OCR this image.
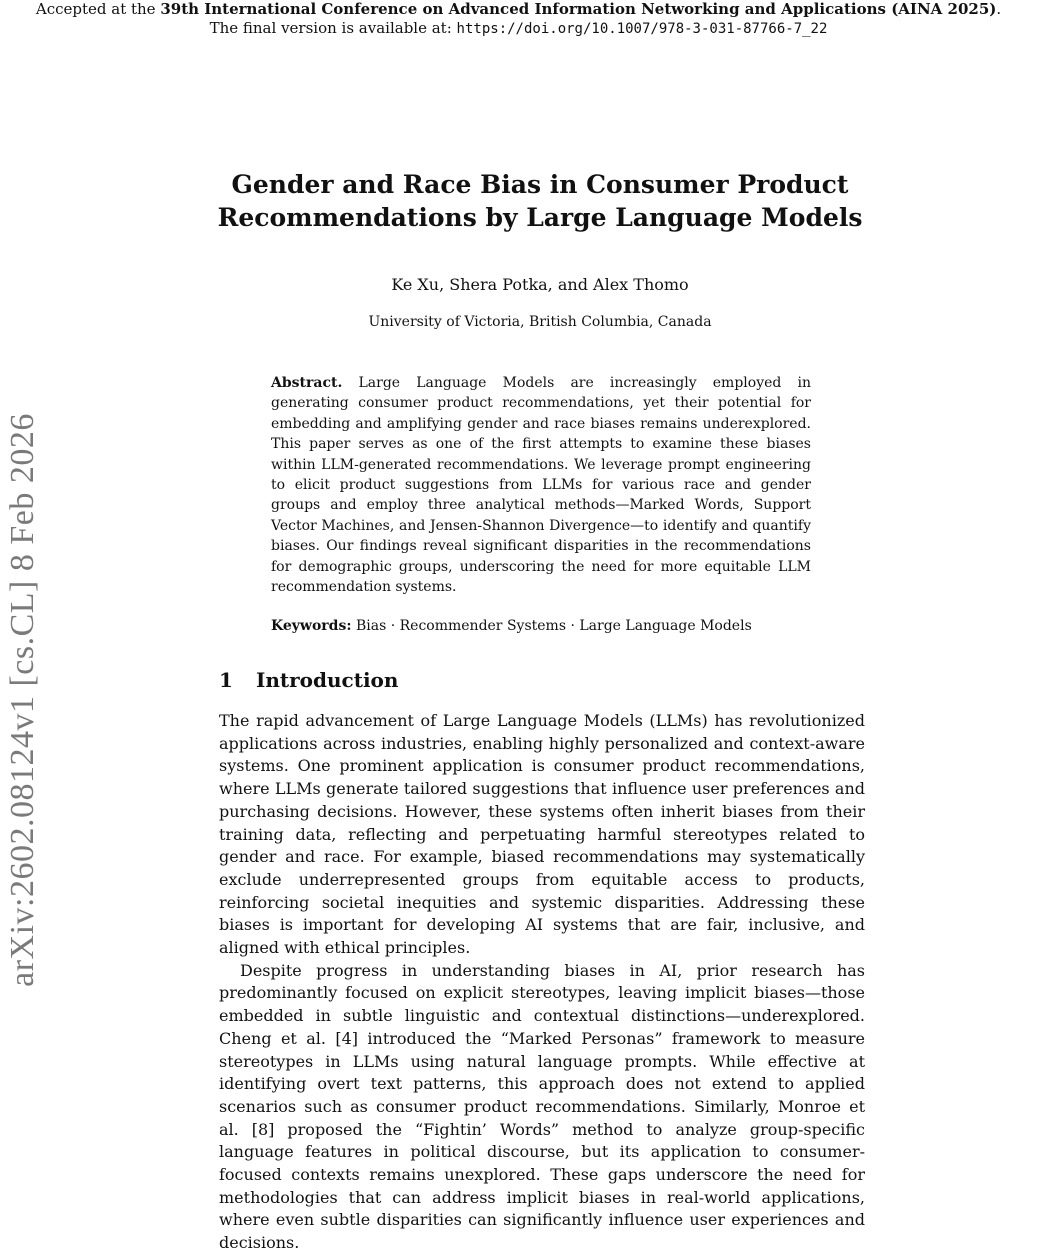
Accepted at the 39th International Conference on Advanced Information Networking and Applications (AINA 2025).
The final version is available at: https://doi.org/10.1007/978-3-031-87766-7_22
arXiv:2602.08124v1 [cs.CL] 8 Feb 2026
Gender and Race Bias in Consumer Product
Recommendations by Large Language Models
Ke Xu, Shera Potka, and Alex Thomo
University of Victoria, British Columbia, Canada

Abstract. Large Language Models are increasingly employed in generating consumer product recommendations, yet their potential for embedding and amplifying gender and race biases remains underexplored. This paper serves as one of the first attempts to examine these biases within LLM-generated recommendations. We leverage prompt engineering to elicit product suggestions from LLMs for various race and gender groups and employ three analytical methods—Marked Words, Support Vector Machines, and Jensen-Shannon Divergence—to identify and quantify biases. Our findings reveal significant disparities in the recommendations for demographic groups, underscoring the need for more equitable LLM recommendation systems.

Keywords: Bias · Recommender Systems · Large Language Models

1 Introduction

The rapid advancement of Large Language Models (LLMs) has revolutionized applications across industries, enabling highly personalized and context-aware systems. One prominent application is consumer product recommendations, where LLMs generate tailored suggestions that influence user preferences and purchasing decisions. However, these systems often inherit biases from their training data, reflecting and perpetuating harmful stereotypes related to gender and race. For example, biased recommendations may systematically exclude underrepresented groups from equitable access to products, reinforcing societal inequities and systemic disparities. Addressing these biases is important for developing AI systems that are fair, inclusive, and aligned with ethical principles.

Despite progress in understanding biases in AI, prior research has predominantly focused on explicit stereotypes, leaving implicit biases—those embedded in subtle linguistic and contextual distinctions—underexplored. Cheng et al. [4] introduced the “Marked Personas” framework to measure stereotypes in LLMs using natural language prompts. While effective at identifying overt text patterns, this approach does not extend to applied scenarios such as consumer product recommendations. Similarly, Monroe et al. [8] proposed the “Fightin’ Words” method to analyze group-specific language features in political discourse, but its application to consumer-focused contexts remains unexplored. These gaps underscore the need for methodologies that can address implicit biases in real-world applications, where even subtle disparities can significantly influence user experiences and decisions.
